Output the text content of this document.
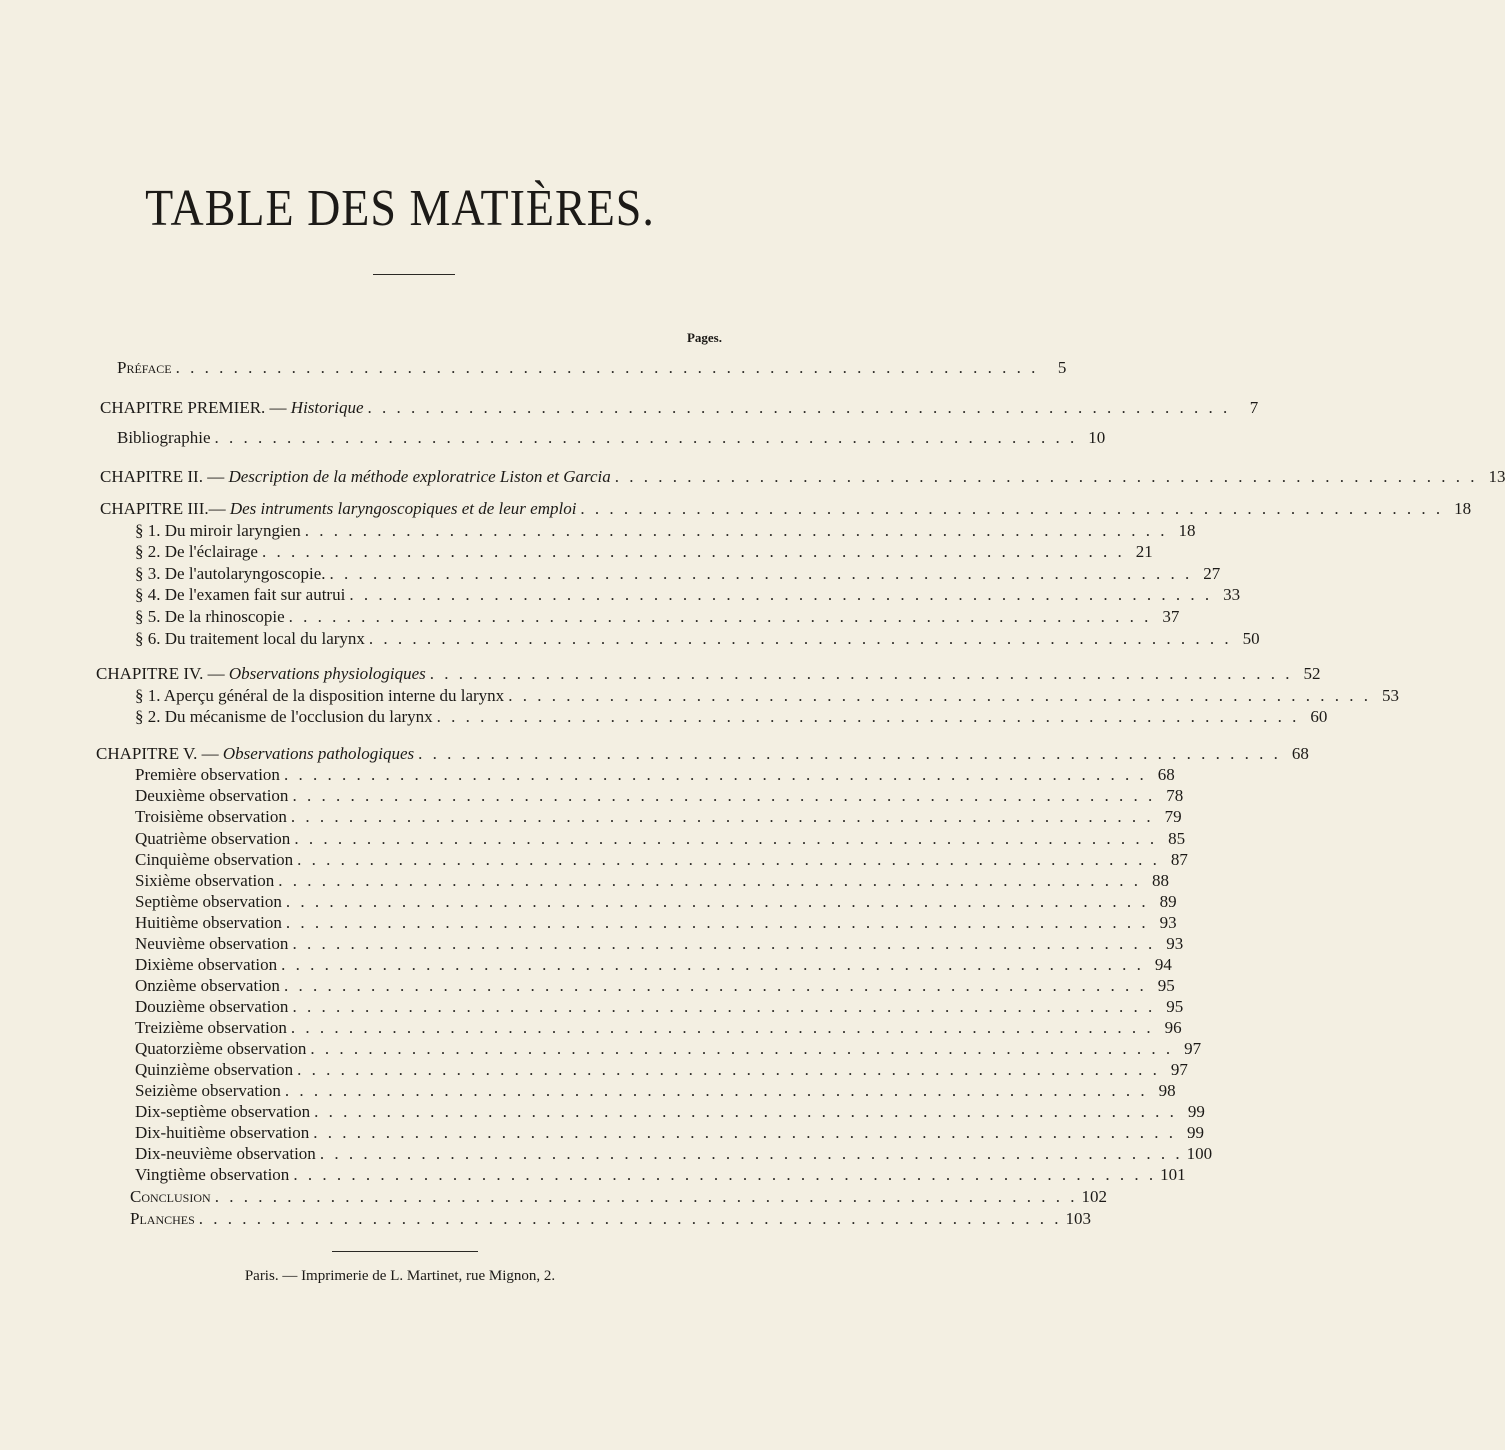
TABLE DES MATIÈRES.
Pages.
Préface . . . . . . . . . . . . . . . . . . . . . . . . . . . . . . . . . . . . . . . . . . . . . . . . . . . . . . . . . . . .	5
CHAPITRE PREMIER. — Historique . . . . . . . . . . . . . . . . . . . . . . . . . . . . . . . . . . . . . . . . . . . . . . . . . . . . . . . . . . . .	7
Bibliographie . . . . . . . . . . . . . . . . . . . . . . . . . . . . . . . . . . . . . . . . . . . . . . . . . . . . . . . . . . . . 10
CHAPITRE II. — Description de la méthode exploratrice Liston et Garcia . . . . . . . . . . . . . . . . . . . . . . . . . . . . . . . . . . . . . . . . . . . . . . . . . . . . . . . . . . . . 13
CHAPITRE III.— Des intruments laryngoscopiques et de leur emploi . . . . . . . . . . . . . . . . . . . . . . . . . . . . . . . . . . . . . . . . . . . . . . . . . . . . . . . . . . . . 18
§ 1. Du miroir laryngien . . . . . . . . . . . . . . . . . . . . . . . . . . . . . . . . . . . . . . . . . . . . . . . . . . . . . . . . . . . . 18
§ 2. De l'éclairage . . . . . . . . . . . . . . . . . . . . . . . . . . . . . . . . . . . . . . . . . . . . . . . . . . . . . . . . . . . . 21
§ 3. De l'autolaryngoscopie. . . . . . . . . . . . . . . . . . . . . . . . . . . . . . . . . . . . . . . . . . . . . . . . . . . . . . . . . . . . . 27
§ 4. De l'examen fait sur autrui . . . . . . . . . . . . . . . . . . . . . . . . . . . . . . . . . . . . . . . . . . . . . . . . . . . . . . . . . . . . 33
§ 5. De la rhinoscopie . . . . . . . . . . . . . . . . . . . . . . . . . . . . . . . . . . . . . . . . . . . . . . . . . . . . . . . . . . . . 37
§ 6. Du traitement local du larynx . . . . . . . . . . . . . . . . . . . . . . . . . . . . . . . . . . . . . . . . . . . . . . . . . . . . . . . . . . . . 50
CHAPITRE IV. — Observations physiologiques . . . . . . . . . . . . . . . . . . . . . . . . . . . . . . . . . . . . . . . . . . . . . . . . . . . . . . . . . . . . 52
§ 1. Aperçu général de la disposition interne du larynx . . . . . . . . . . . . . . . . . . . . . . . . . . . . . . . . . . . . . . . . . . . . . . . . . . . . . . . . . . . . 53
§ 2. Du mécanisme de l'occlusion du larynx . . . . . . . . . . . . . . . . . . . . . . . . . . . . . . . . . . . . . . . . . . . . . . . . . . . . . . . . . . . . 60
CHAPITRE V. — Observations pathologiques . . . . . . . . . . . . . . . . . . . . . . . . . . . . . . . . . . . . . . . . . . . . . . . . . . . . . . . . . . . . 68
Première observation . . . . . . . . . . . . . . . . . . . . . . . . . . . . . . . . . . . . . . . . . . . . . . . . . . . . . . . . . . . . 68
Deuxième observation . . . . . . . . . . . . . . . . . . . . . . . . . . . . . . . . . . . . . . . . . . . . . . . . . . . . . . . . . . . . 78
Troisième observation . . . . . . . . . . . . . . . . . . . . . . . . . . . . . . . . . . . . . . . . . . . . . . . . . . . . . . . . . . . . 79
Quatrième observation . . . . . . . . . . . . . . . . . . . . . . . . . . . . . . . . . . . . . . . . . . . . . . . . . . . . . . . . . . . . 85
Cinquième observation . . . . . . . . . . . . . . . . . . . . . . . . . . . . . . . . . . . . . . . . . . . . . . . . . . . . . . . . . . . . 87
Sixième observation . . . . . . . . . . . . . . . . . . . . . . . . . . . . . . . . . . . . . . . . . . . . . . . . . . . . . . . . . . . . 88
Septième observation . . . . . . . . . . . . . . . . . . . . . . . . . . . . . . . . . . . . . . . . . . . . . . . . . . . . . . . . . . . . 89
Huitième observation . . . . . . . . . . . . . . . . . . . . . . . . . . . . . . . . . . . . . . . . . . . . . . . . . . . . . . . . . . . . 93
Neuvième observation . . . . . . . . . . . . . . . . . . . . . . . . . . . . . . . . . . . . . . . . . . . . . . . . . . . . . . . . . . . . 93
Dixième observation . . . . . . . . . . . . . . . . . . . . . . . . . . . . . . . . . . . . . . . . . . . . . . . . . . . . . . . . . . . . 94
Onzième observation . . . . . . . . . . . . . . . . . . . . . . . . . . . . . . . . . . . . . . . . . . . . . . . . . . . . . . . . . . . . 95
Douzième observation . . . . . . . . . . . . . . . . . . . . . . . . . . . . . . . . . . . . . . . . . . . . . . . . . . . . . . . . . . . . 95
Treizième observation . . . . . . . . . . . . . . . . . . . . . . . . . . . . . . . . . . . . . . . . . . . . . . . . . . . . . . . . . . . . 96
Quatorzième observation . . . . . . . . . . . . . . . . . . . . . . . . . . . . . . . . . . . . . . . . . . . . . . . . . . . . . . . . . . . . 97
Quinzième observation . . . . . . . . . . . . . . . . . . . . . . . . . . . . . . . . . . . . . . . . . . . . . . . . . . . . . . . . . . . . 97
Seizième observation . . . . . . . . . . . . . . . . . . . . . . . . . . . . . . . . . . . . . . . . . . . . . . . . . . . . . . . . . . . . 98
Dix-septième observation . . . . . . . . . . . . . . . . . . . . . . . . . . . . . . . . . . . . . . . . . . . . . . . . . . . . . . . . . . . . 99
Dix-huitième observation . . . . . . . . . . . . . . . . . . . . . . . . . . . . . . . . . . . . . . . . . . . . . . . . . . . . . . . . . . . . 99
Dix-neuvième observation . . . . . . . . . . . . . . . . . . . . . . . . . . . . . . . . . . . . . . . . . . . . . . . . . . . . . . . . . . . . 100
Vingtième observation . . . . . . . . . . . . . . . . . . . . . . . . . . . . . . . . . . . . . . . . . . . . . . . . . . . . . . . . . . . . 101
Conclusion . . . . . . . . . . . . . . . . . . . . . . . . . . . . . . . . . . . . . . . . . . . . . . . . . . . . . . . . . . . . 102
Planches . . . . . . . . . . . . . . . . . . . . . . . . . . . . . . . . . . . . . . . . . . . . . . . . . . . . . . . . . . . . 103
Paris. — Imprimerie de L. Martinet, rue Mignon, 2.
